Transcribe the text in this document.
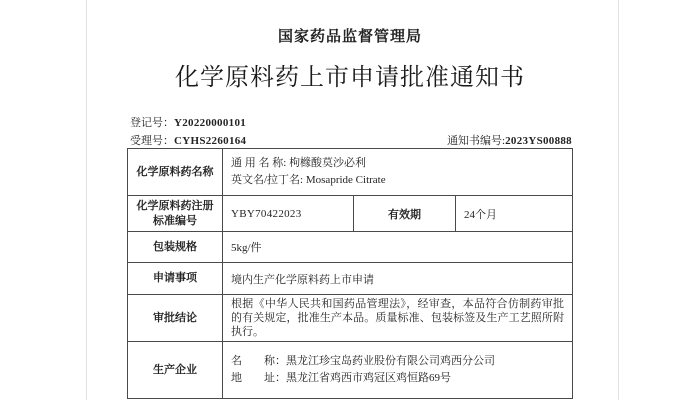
国家药品监督管理局
化学原料药上市申请批准通知书
登记号：Y20220000101
受理号：CYHS2260164	通知书编号:2023YS00888
化学原料药名称	通 用 名 称: 枸橼酸莫沙必利
英文名/拉丁名: Mosapride Citrate		

化学原料药注册标准编号	YBY70422023	有效期	24个月
包装规格	5kg/件		
申请事项	境内生产化学原料药上市申请		
审批结论	根据《中华人民共和国药品管理法》，经审查，本品符合仿制药审批的有关规定，批准生产本品。质量标准、包装标签及生产工艺照所附执行。		
生产企业	名　　称：黑龙江珍宝岛药业股份有限公司鸡西分公司
地　　址：黑龙江省鸡西市鸡冠区鸡恒路69号		
